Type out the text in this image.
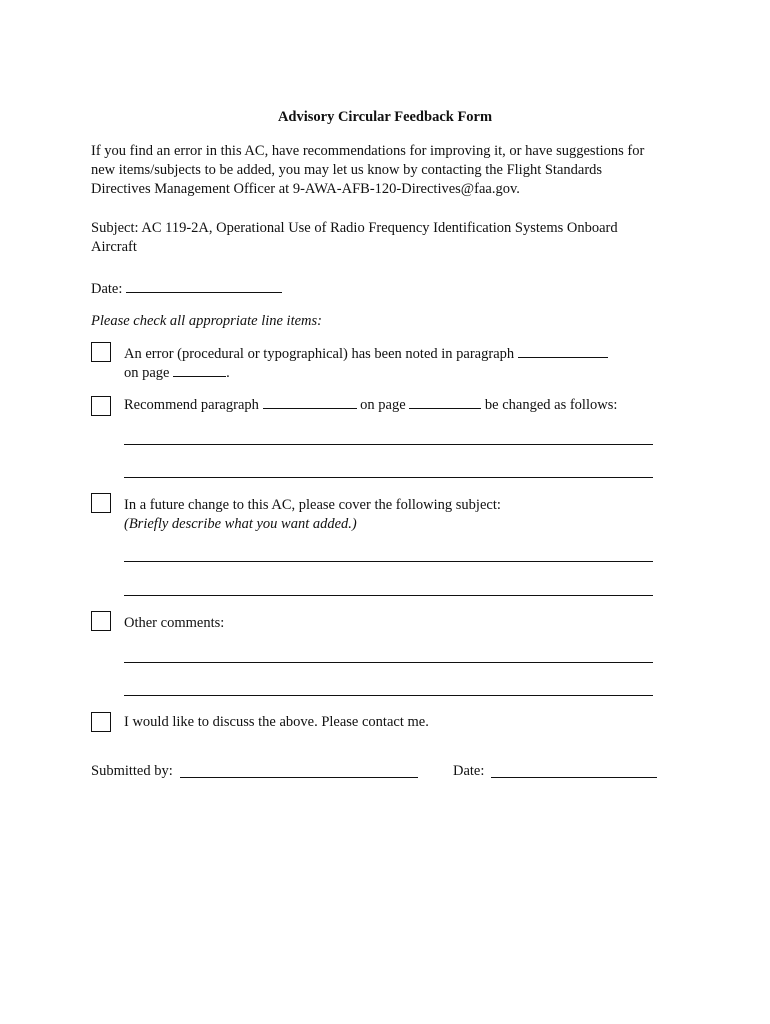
Advisory Circular Feedback Form
If you find an error in this AC, have recommendations for improving it, or have suggestions for
new items/subjects to be added, you may let us know by contacting the Flight Standards
Directives Management Officer at 9-AWA-AFB-120-Directives@faa.gov.
Subject: AC 119-2A, Operational Use of Radio Frequency Identification Systems Onboard
Aircraft
Date:
Please check all appropriate line items:
An error (procedural or typographical) has been noted in paragraph
on page	.
Recommend paragraph	on page	be changed as follows:
In a future change to this AC, please cover the following subject:
(Briefly describe what you want added.)
Other comments:
I would like to discuss the above. Please contact me.
Submitted by:	Date:
